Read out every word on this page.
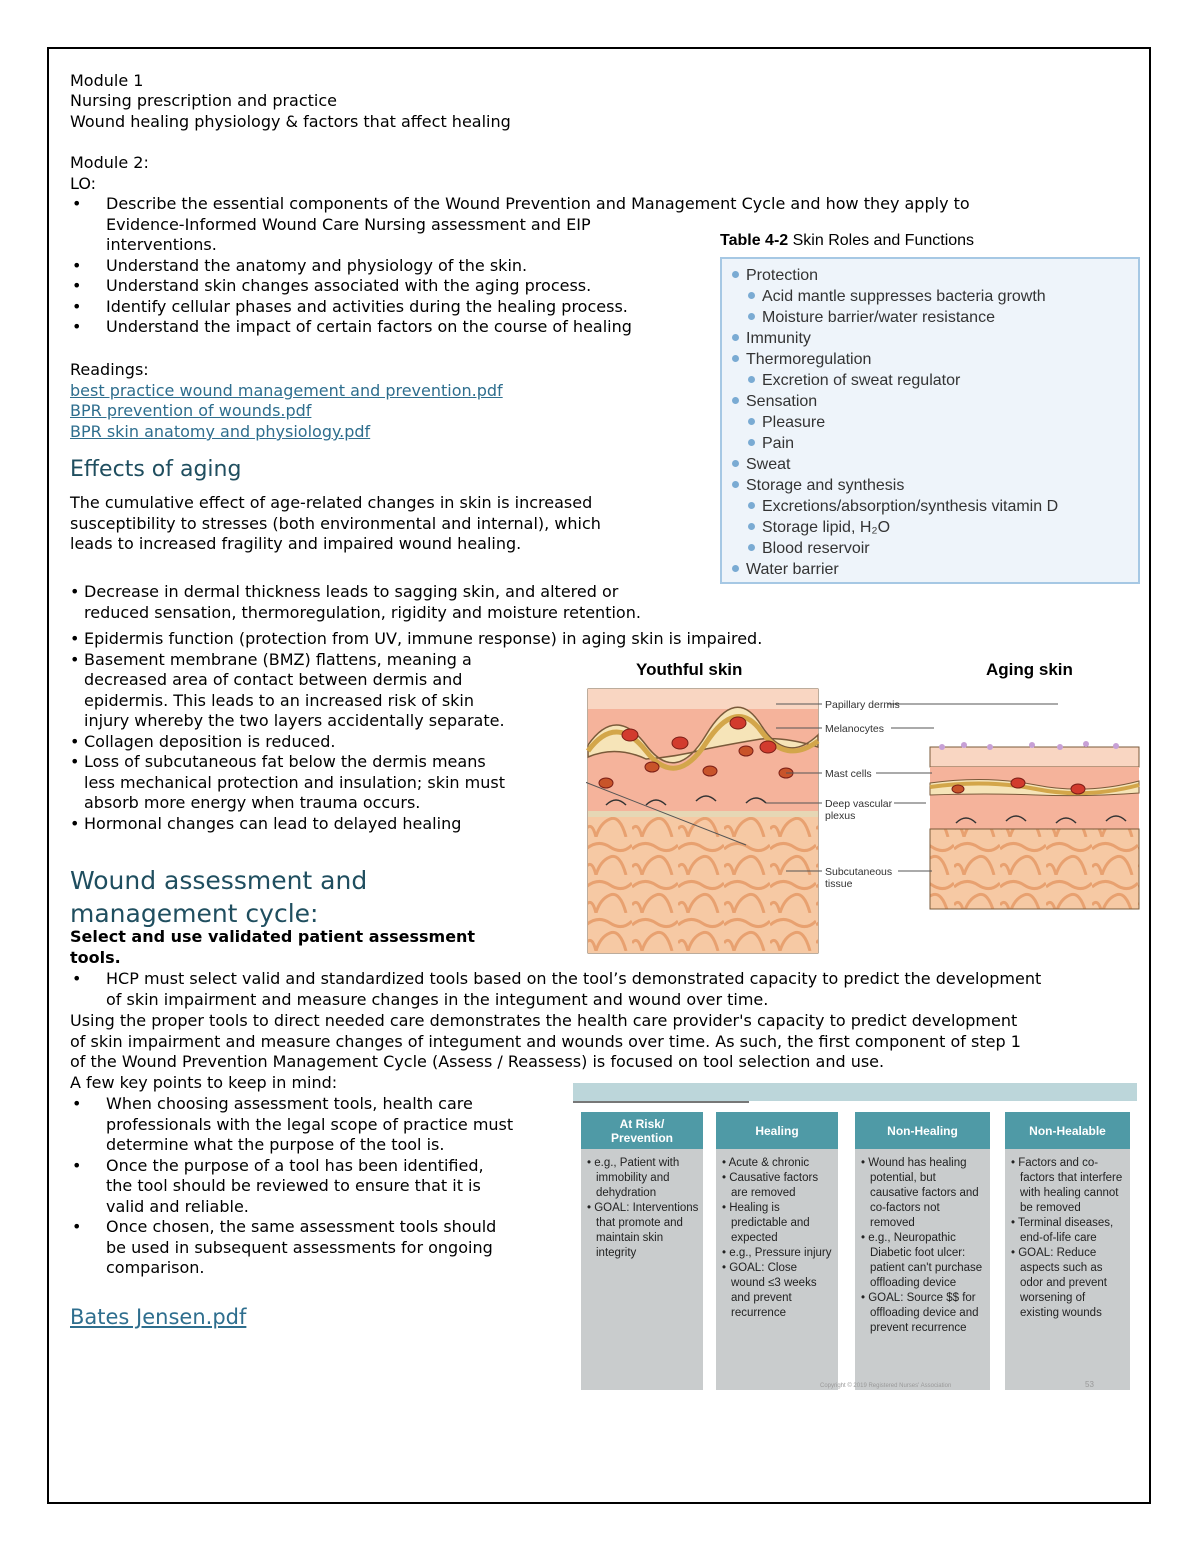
Module 1
Nursing prescription and practice
Wound healing physiology & factors that affect healing
Module 2:
LO:
• Describe the essential components of the Wound Prevention and Management Cycle and how they apply to
Evidence-Informed Wound Care Nursing assessment and EIP
interventions.
• Understand the anatomy and physiology of the skin.
• Understand skin changes associated with the aging process.
• Identify cellular phases and activities during the healing process.
• Understand the impact of certain factors on the course of healing
Readings:
best practice wound management and prevention.pdf
BPR prevention of wounds.pdf
BPR skin anatomy and physiology.pdf
Table 4-2 Skin Roles and Functions
Protection
Acid mantle suppresses bacteria growth
Moisture barrier/water resistance
Immunity
Thermoregulation
Excretion of sweat regulator
Sensation
Pleasure
Pain
Sweat
Storage and synthesis
Excretions/absorption/synthesis vitamin D
Storage lipid, H₂O
Blood reservoir
Water barrier
Effects of aging
The cumulative effect of age-related changes in skin is increased
susceptibility to stresses (both environmental and internal), which
leads to increased fragility and impaired wound healing.
• Decrease in dermal thickness leads to sagging skin, and altered or
reduced sensation, thermoregulation, rigidity and moisture retention.
• Epidermis function (protection from UV, immune response) in aging skin is impaired.
• Basement membrane (BMZ) flattens, meaning a
decreased area of contact between dermis and
epidermis. This leads to an increased risk of skin
injury whereby the two layers accidentally separate.
• Collagen deposition is reduced.
• Loss of subcutaneous fat below the dermis means
less mechanical protection and insulation; skin must
absorb more energy when trauma occurs.
• Hormonal changes can lead to delayed healing
Youthful skin	Aging skin
Papillary dermis
Melanocytes
Mast cells
Deep vascular
plexus
Subcutaneous
tissue
Wound assessment and
management cycle:
Select and use validated patient assessment
tools.
• HCP must select valid and standardized tools based on the tool’s demonstrated capacity to predict the development
of skin impairment and measure changes in the integument and wound over time.
Using the proper tools to direct needed care demonstrates the health care provider's capacity to predict development
of skin impairment and measure changes of integument and wounds over time. As such, the first component of step 1
of the Wound Prevention Management Cycle (Assess / Reassess) is focused on tool selection and use.
A few key points to keep in mind:
• When choosing assessment tools, health care
professionals with the legal scope of practice must
determine what the purpose of the tool is.
• Once the purpose of a tool has been identified,
the tool should be reviewed to ensure that it is
valid and reliable.
• Once chosen, the same assessment tools should
be used in subsequent assessments for ongoing
comparison.
Bates Jensen.pdf
At Risk/
Prevention

• e.g., Patient with immobility and dehydration

• GOAL: Interventions that promote and maintain skin integrity

Healing

• Acute & chronic

• Causative factors are removed

• Healing is predictable and expected

• e.g., Pressure injury

• GOAL: Close wound ≤3 weeks and prevent recurrence

Non-Healing

• Wound has healing potential, but causative factors and co-factors not removed

• e.g., Neuropathic Diabetic foot ulcer: patient can't purchase offloading device

• GOAL: Source $$ for offloading device and prevent recurrence

Non-Healable

• Factors and co-factors that interfere with healing cannot be removed

• Terminal diseases, end-of-life care

• GOAL: Reduce aspects such as odor and prevent worsening of existing wounds

Copyright © 2019 Registered Nurses' Association	53
